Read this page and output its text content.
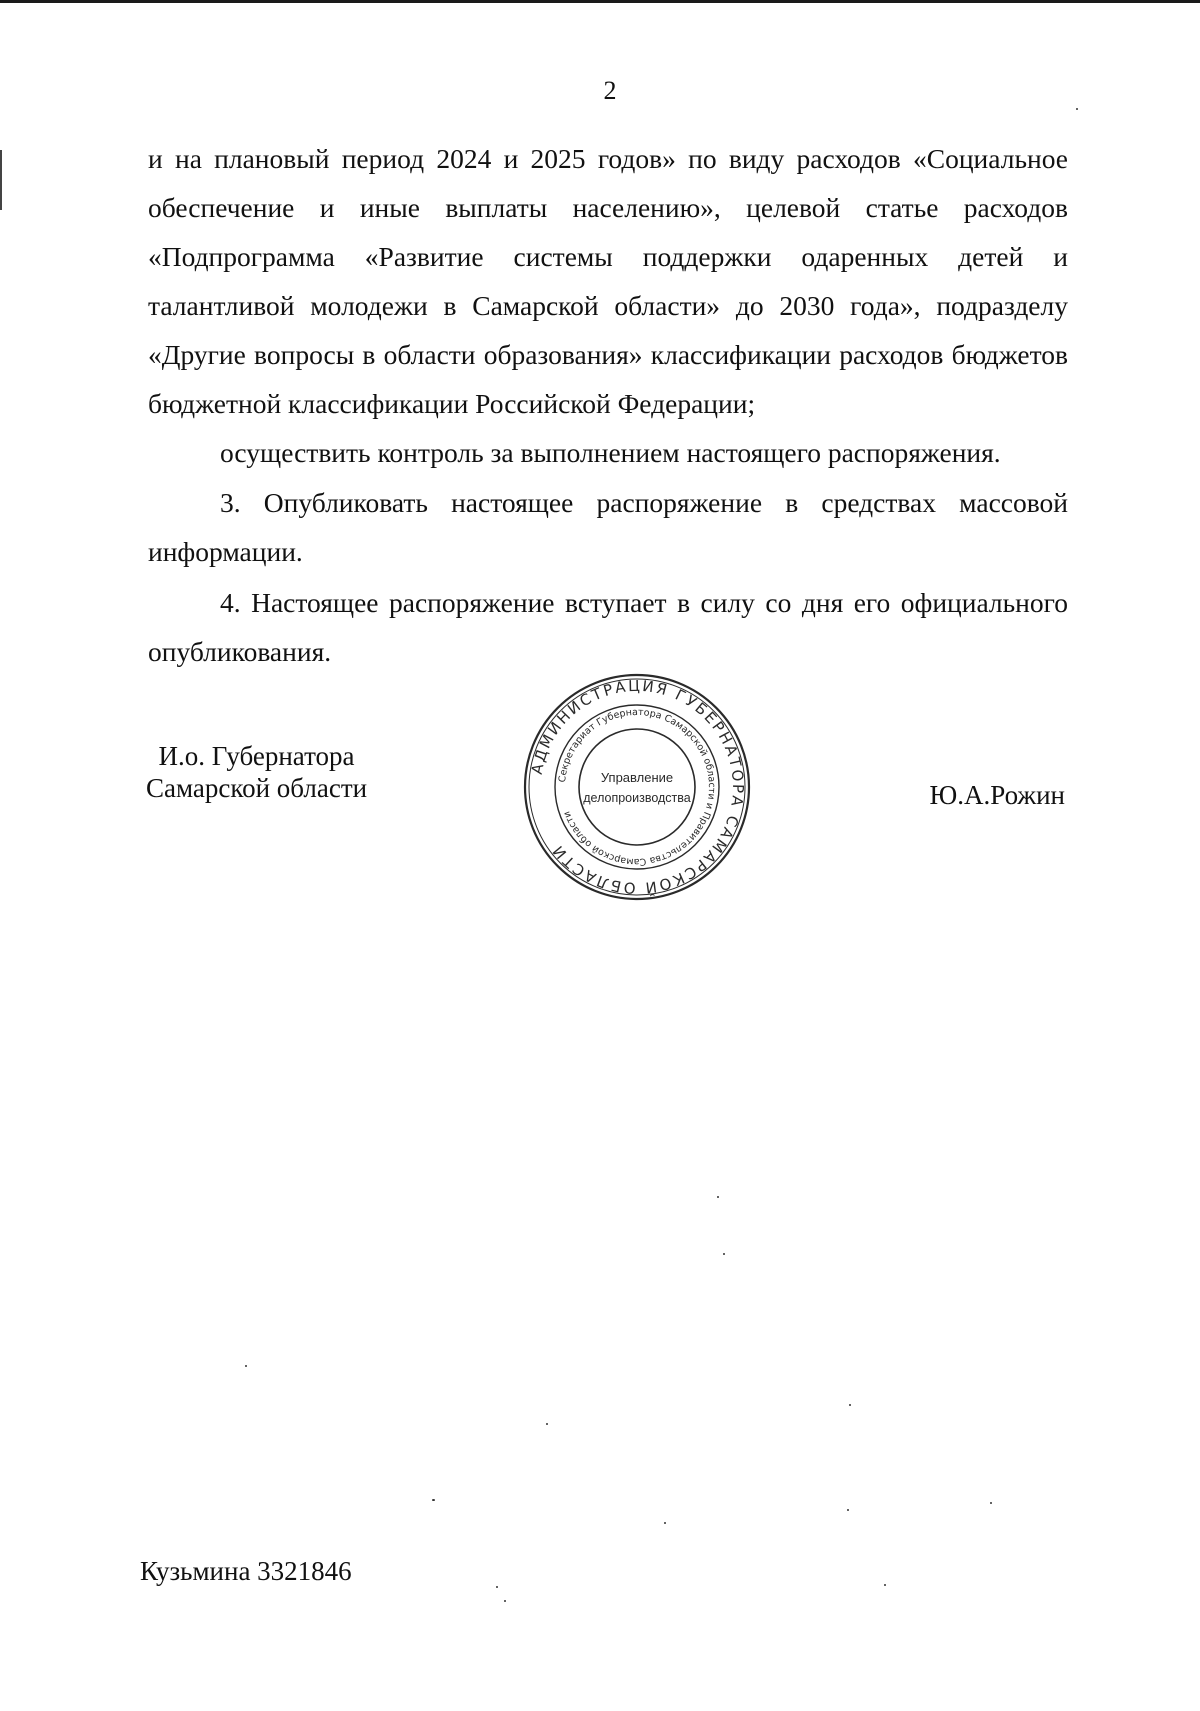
2

и на плановый период 2024 и 2025 годов» по виду расходов «Социальное обеспечение и иные выплаты населению», целевой статье расходов «Подпрограмма «Развитие системы поддержки одаренных детей и талантливой молодежи в Самарской области» до 2030 года», подразделу «Другие вопросы в области образования» классификации расходов бюджетов бюджетной классификации Российской Федерации;

осуществить контроль за выполнением настоящего распоряжения.

3. Опубликовать настоящее распоряжение в средствах массовой информации.

4. Настоящее распоряжение вступает в силу со дня его официального опубликования.

И.о. Губернатора
Самарской области
АДМИНИСТРАЦИЯ ГУБЕРНАТОРА САМАРСКОЙ ОБЛАСТИ
Секретариат Губернатора Самарской области и Правительства Самарской области
Управление
делопроизводства	Ю.А.Рожин
Кузьмина 3321846
